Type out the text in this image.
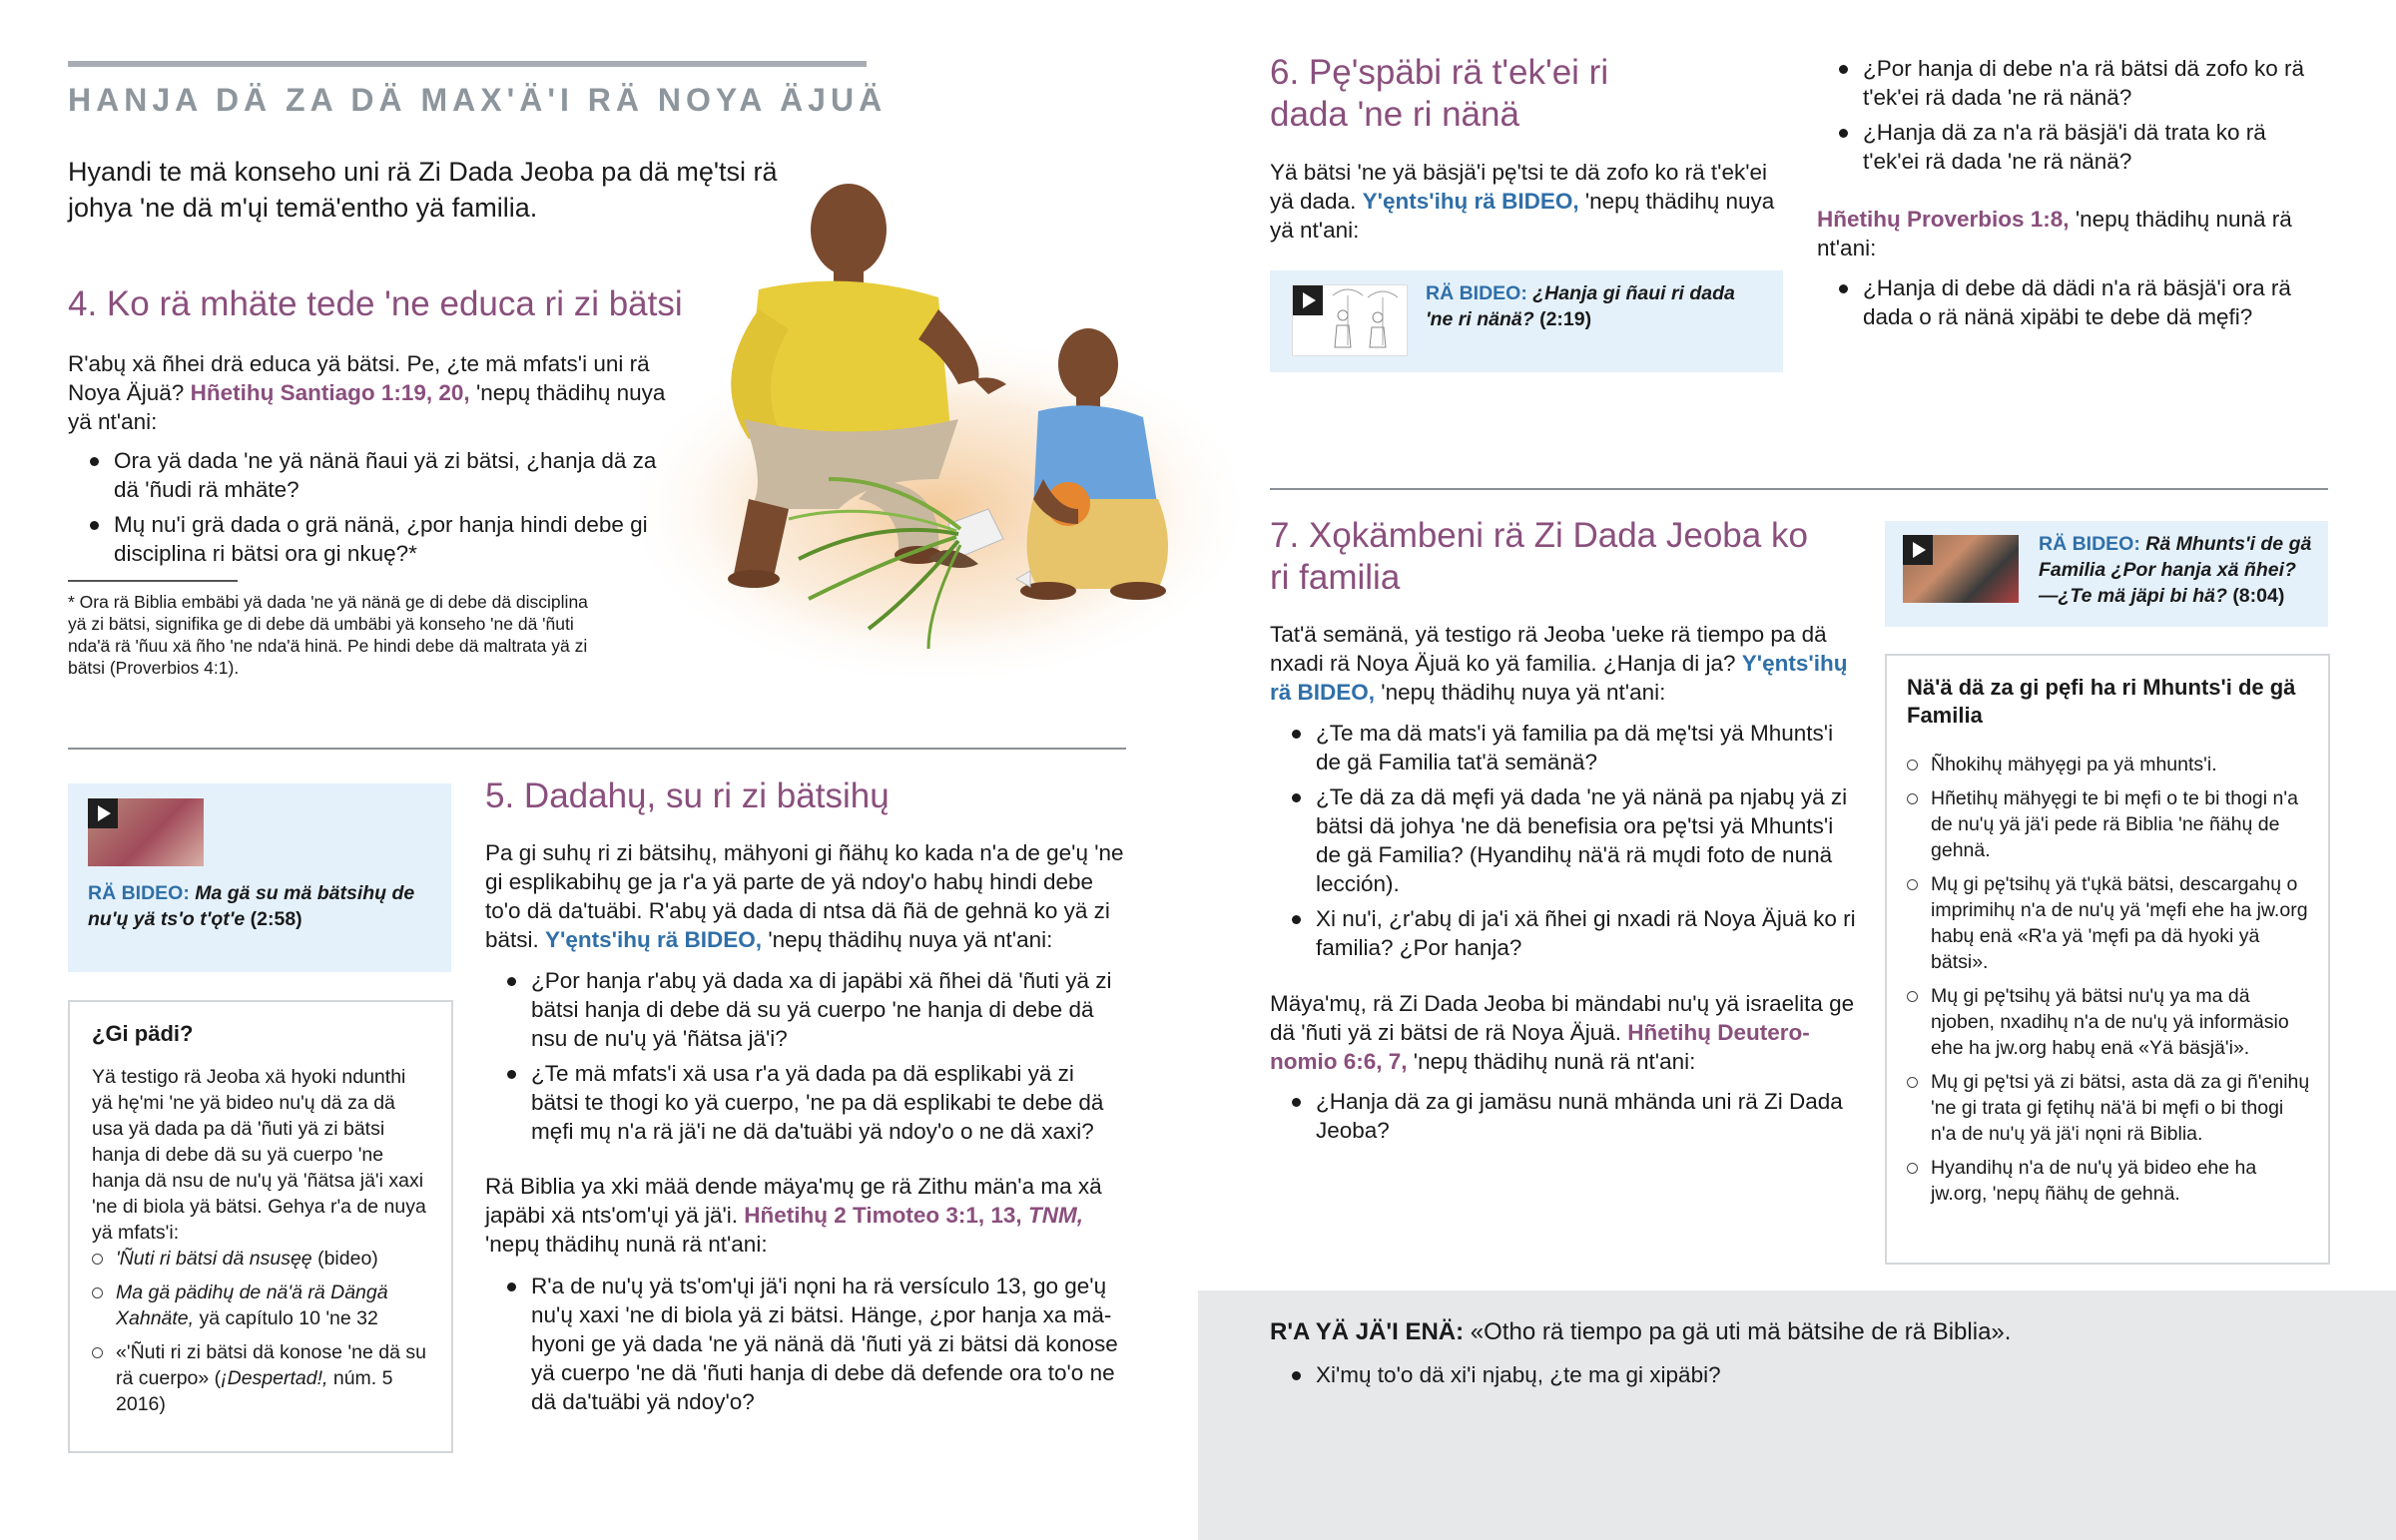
HANJA DÄ ZA DÄ MAX'Ä'I RÄ NOYA ÄJUÄ

Hyandi te mä konseho uni rä Zi Dada Jeoba pa dä mę'tsi rä johya 'ne dä m'ųi temä'entho yä familia.

4. Ko rä mhäte tede 'ne educa ri zi bätsi

R'abų xä ñhei drä educa yä bätsi. Pe, ¿te mä mfats'i uni rä Noya Äjuä? Hñetihų Santiago 1:19, 20, 'nepų thädihų nuya yä nt'ani:

Ora yä dada 'ne yä nänä ñaui yä zi bätsi, ¿hanja dä za dä 'ñudi rä mhäte?
Mų nu'i grä dada o grä nänä, ¿por hanja hindi debe gi disciplina ri bätsi ora gi nkuę?*

* Ora rä Biblia embäbi yä dada 'ne yä nänä ge di debe dä disciplina yä zi bätsi, signifika ge di debe dä umbäbi yä konseho 'ne dä 'ñuti nda'ä rä 'ñuu xä ñho 'ne nda'ä hinä. Pe hindi debe dä maltrata yä zi bätsi (Proverbios 4:1).

RÄ BIDEO: Ma gä su mä bätsihų de nu'ų yä ts'o t'ǫt'e (2:58)
¿Gi pädi?

Yä testigo rä Jeoba xä hyoki ndunthi yä hę'mi 'ne yä bideo nu'ų dä za dä usa yä dada pa dä 'ñuti yä zi bätsi hanja di debe dä su yä cuerpo 'ne hanja dä nsu de nu'ų yä 'ñätsa jä'i xaxi 'ne di biola yä bätsi. Gehya r'a de nuya yä mfats'i:

'Ñuti ri bätsi dä nsusęę (bideo)
Ma gä pädihų de nä'ä rä Dängä Xahnäte, yä capítulo 10 'ne 32
«'Ñuti ri zi bätsi dä konose 'ne dä su rä cuerpo» (¡Despertad!, núm. 5 2016)
5. Dadahų, su ri zi bätsihų

Pa gi suhų ri zi bätsihų, mähyoni gi ñähų ko kada n'a de ge'ų 'ne gi esplikabihų ge ja r'a yä parte de yä ndoy'o habų hindi debe to'o dä da'tuäbi. R'abų yä dada di ntsa dä ñä de gehnä ko yä zi bätsi. Y'ęnts'ihų rä BIDEO, 'nepų thädihų nuya yä nt'ani:

¿Por hanja r'abų yä dada xa di japäbi xä ñhei dä 'ñuti yä zi bätsi hanja di debe dä su yä cuerpo 'ne hanja di debe dä nsu de nu'ų yä 'ñätsa jä'i?
¿Te mä mfats'i xä usa r'a yä dada pa dä esplikabi yä zi bätsi te thogi ko yä cuerpo, 'ne pa dä esplikabi te debe dä męfi mų n'a rä jä'i ne dä da'tuäbi yä ndoy'o o ne dä xaxi?

Rä Biblia ya xki mää dende mäya'mų ge rä Zithu män'a ma xä japäbi xä nts'om'ųi yä jä'i. Hñetihų 2 Timoteo 3:1, 13, TNM, 'nepų thädihų nunä rä nt'ani:

R'a de nu'ų yä ts'om'ųi jä'i nǫni ha rä versículo 13, go ge'ų nu'ų xaxi 'ne di biola yä zi bätsi. Hänge, ¿por hanja xa mähyoni ge yä dada 'ne yä nänä dä 'ñuti yä zi bätsi dä konose yä cuerpo 'ne dä 'ñuti hanja di debe dä defende ora to'o ne dä da'tuäbi yä ndoy'o?
6. Pę'späbi rä t'ek'ei ri dada 'ne ri nänä

Yä bätsi 'ne yä bäsjä'i pę'tsi te dä zofo ko rä t'ek'ei yä dada. Y'ęnts'ihų rä BIDEO, 'nepų thädihų nuya yä nt'ani:

RÄ BIDEO: ¿Hanja gi ñaui ri dada 'ne ri nänä? (2:19)
¿Por hanja di debe n'a rä bätsi dä zofo ko rä t'ek'ei rä dada 'ne rä nänä?
¿Hanja dä za n'a rä bäsjä'i dä trata ko rä t'ek'ei rä dada 'ne rä nänä?

Hñetihų Proverbios 1:8, 'nepų thädihų nunä rä nt'ani:

¿Hanja di debe dä dädi n'a rä bäsjä'i ora rä dada o rä nänä xipäbi te debe dä męfi?
7. Xǫkämbeni rä Zi Dada Jeoba ko ri familia

Tat'ä semänä, yä testigo rä Jeoba 'ueke rä tiempo pa dä nxadi rä Noya Äjuä ko yä familia. ¿Hanja di ja? Y'ęnts'ihų rä BIDEO, 'nepų thädihų nuya yä nt'ani:

¿Te ma dä mats'i yä familia pa dä mę'tsi yä Mhunts'i de gä Familia tat'ä semänä?
¿Te dä za dä męfi yä dada 'ne yä nänä pa njabų yä zi bätsi dä johya 'ne dä benefisia ora pę'tsi yä Mhunts'i de gä Familia? (Hyandihų nä'ä rä mųdi foto de nunä lección).
Xi nu'i, ¿r'abų di ja'i xä ñhei gi nxadi rä Noya Äjuä ko ri familia? ¿Por hanja?

Mäya'mų, rä Zi Dada Jeoba bi mändabi nu'ų yä israelita ge dä 'ñuti yä zi bätsi de rä Noya Äjuä. Hñetihų Deuteronomio 6:6, 7, 'nepų thädihų nunä rä nt'ani:

¿Hanja dä za gi jamäsu nunä mhända uni rä Zi Dada Jeoba?
RÄ BIDEO: Rä Mhunts'i de gä Familia ¿Por hanja xä ñhei? —¿Te mä jäpi bi hä? (8:04)
Nä'ä dä za gi pęfi ha ri Mhunts'i de gä Familia
Ñhokihų mähyęgi pa yä mhunts'i.
Hñetihų mähyęgi te bi męfi o te bi thogi n'a de nu'ų yä jä'i pede rä Biblia 'ne ñähų de gehnä.
Mų gi pę'tsihų yä t'ųkä bätsi, descargahų o imprimihų n'a de nu'ų yä 'męfi ehe ha jw.org habų enä «R'a yä 'męfi pa dä hyoki yä bätsi».
Mų gi pę'tsihų yä bätsi nu'ų ya ma dä njoben, nxadihų n'a de nu'ų yä informäsio ehe ha jw.org habų enä «Yä bäsjä'i».
Mų gi pę'tsi yä zi bätsi, asta dä za gi ñ'enihų 'ne gi trata gi fętihų nä'ä bi męfi o bi thogi n'a de nu'ų yä jä'i nǫni rä Biblia.
Hyandihų n'a de nu'ų yä bideo ehe ha jw.org, 'nepų ñähų de gehnä.

R'A YÄ JÄ'I ENÄ: «Otho rä tiempo pa gä uti mä bätsihe de rä Biblia».

Xi'mų to'o dä xi'i njabų, ¿te ma gi xipäbi?
